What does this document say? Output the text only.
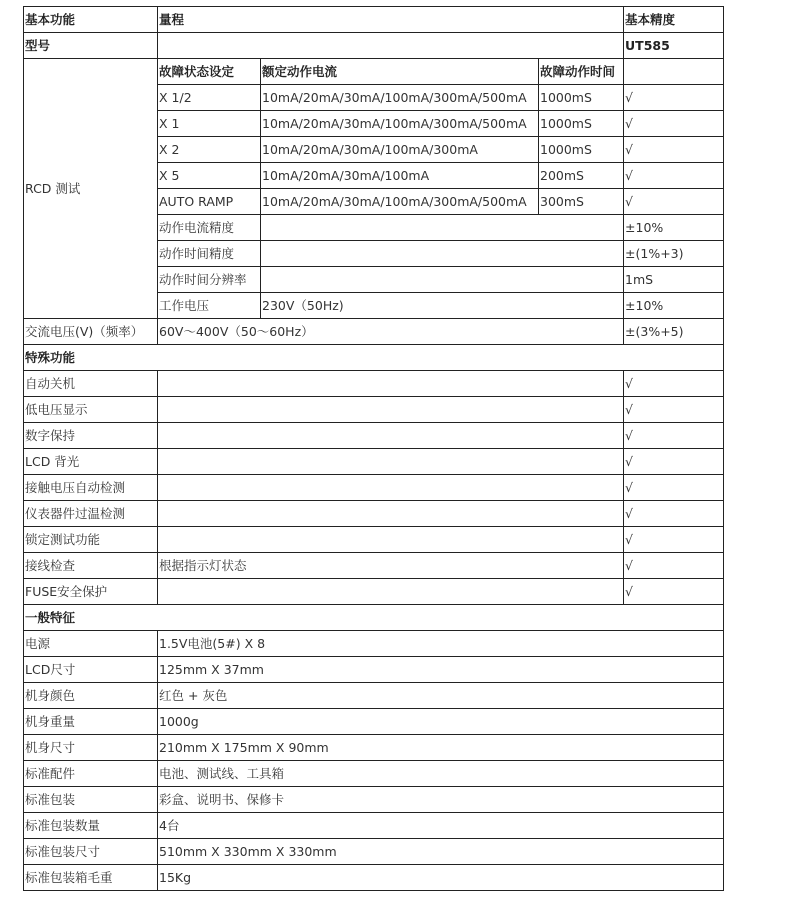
基本功能	量程			基本精度
型号				UT585
RCD 测试	故障状态设定	额定动作电流	故障动作时间	
	X 1/2	10mA/20mA/30mA/100mA/300mA/500mA	1000mS	√
	X 1	10mA/20mA/30mA/100mA/300mA/500mA	1000mS	√
	X 2	10mA/20mA/30mA/100mA/300mA	1000mS	√
	X 5	10mA/20mA/30mA/100mA	200mS	√
	AUTO RAMP	10mA/20mA/30mA/100mA/300mA/500mA	300mS	√
	动作电流精度			±10%
	动作时间精度			±(1%+3)
	动作时间分辨率			1mS
	工作电压	230V（50Hz)		±10%
交流电压(V)（频率）	60V～400V（50～60Hz）			±(3%+5)
特殊功能				
自动关机				√
低电压显示				√
数字保持				√
LCD 背光				√
接触电压自动检测				√
仪表器件过温检测				√
锁定测试功能				√
接线检查	根据指示灯状态			√
FUSE安全保护				√
一般特征				
电源	1.5V电池(5#) X 8			
LCD尺寸	125mm X 37mm			
机身颜色	红色 + 灰色			
机身重量	1000g			
机身尺寸	210mm X 175mm X 90mm			
标准配件	电池、测试线、工具箱			
标准包装	彩盒、说明书、保修卡			
标准包装数量	4台			
标准包装尺寸	510mm X 330mm X 330mm			
标准包装箱毛重	15Kg			
